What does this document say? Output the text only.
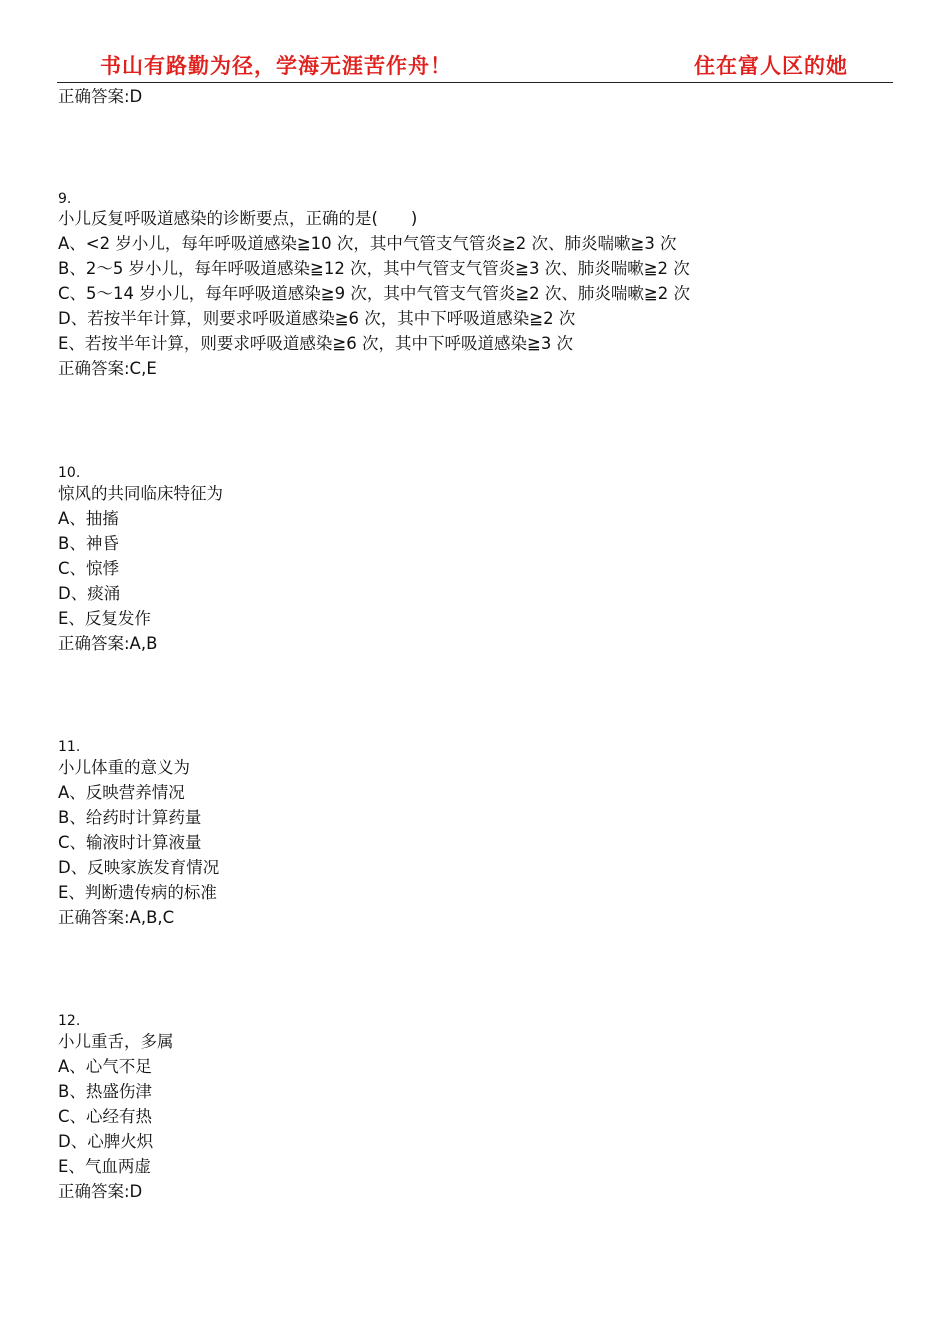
书山有路勤为径，学海无涯苦作舟！	住在富人区的她
正确答案:D
9.
小儿反复呼吸道感染的诊断要点，正确的是(　　)
A、<2 岁小儿，每年呼吸道感染≧10 次，其中气管支气管炎≧2 次、肺炎喘嗽≧3 次
B、2～5 岁小儿，每年呼吸道感染≧12 次，其中气管支气管炎≧3 次、肺炎喘嗽≧2 次
C、5～14 岁小儿，每年呼吸道感染≧9 次，其中气管支气管炎≧2 次、肺炎喘嗽≧2 次
D、若按半年计算，则要求呼吸道感染≧6 次，其中下呼吸道感染≧2 次
E、若按半年计算，则要求呼吸道感染≧6 次，其中下呼吸道感染≧3 次
正确答案:C,E
10.
惊风的共同临床特征为
A、抽搐
B、神昏
C、惊悸
D、痰涌
E、反复发作
正确答案:A,B
11.
小儿体重的意义为
A、反映营养情况
B、给药时计算药量
C、输液时计算液量
D、反映家族发育情况
E、判断遗传病的标准
正确答案:A,B,C
12.
小儿重舌，多属
A、心气不足
B、热盛伤津
C、心经有热
D、心脾火炽
E、气血两虚
正确答案:D
